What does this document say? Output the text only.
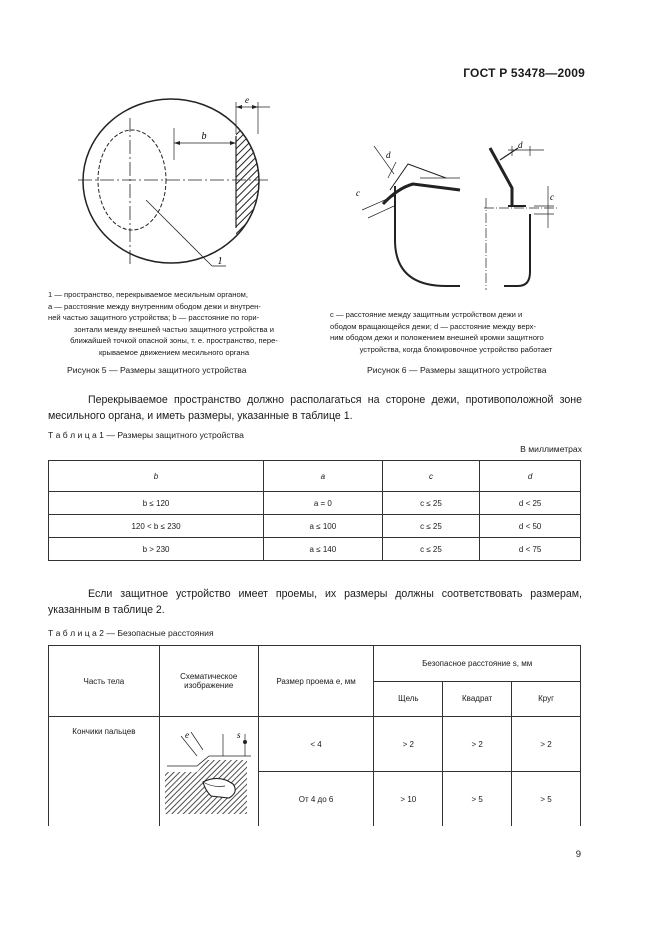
ГОСТ Р 53478—2009
e
b
1
1 — пространство, перекрываемое месильным органом,
a — расстояние между внутренним ободом дежи и внутрен-
ней частью защитного устройства; b — расстояние по гори-
зонтали между внешней частью защитного устройства и
ближайшей точкой опасной зоны, т. е. пространство, пере-
крываемое движением месильного органа
Рисунок 5 — Размеры защитного устройства
d
c
d
c
c — расстояние между защитным устройством дежи и
ободом вращающейся дежи; d — расстояние между верх-
ним ободом дежи и положением внешней кромки защитного
устройства, когда блокировочное устройство работает
Рисунок 6 — Размеры защитного устройства
Перекрываемое пространство должно располагаться на стороне дежи, противоположной зоне месильного органа, и иметь размеры, указанные в таблице 1.
Т а б л и ц а 1 — Размеры защитного устройства
В миллиметрах
b	a	c	d
b ≤ 120	a = 0	c ≤ 25	d < 25
120 < b ≤ 230	a ≤ 100	c ≤ 25	d < 50
b > 230	a ≤ 140	c ≤ 25	d < 75
Если защитное устройство имеет проемы, их размеры должны соответствовать размерам, указанным в таблице 2.
Т а б л и ц а 2 — Безопасные расстояния
Часть тела	Схематическое изображение	Размер проема e, мм	Безопасное расстояние s, мм		
			Щель	Квадрат	Круг
Кончики пальцев	e s	< 4	> 2	> 2	> 2
		От 4 до 6	> 10	> 5	> 5
9
